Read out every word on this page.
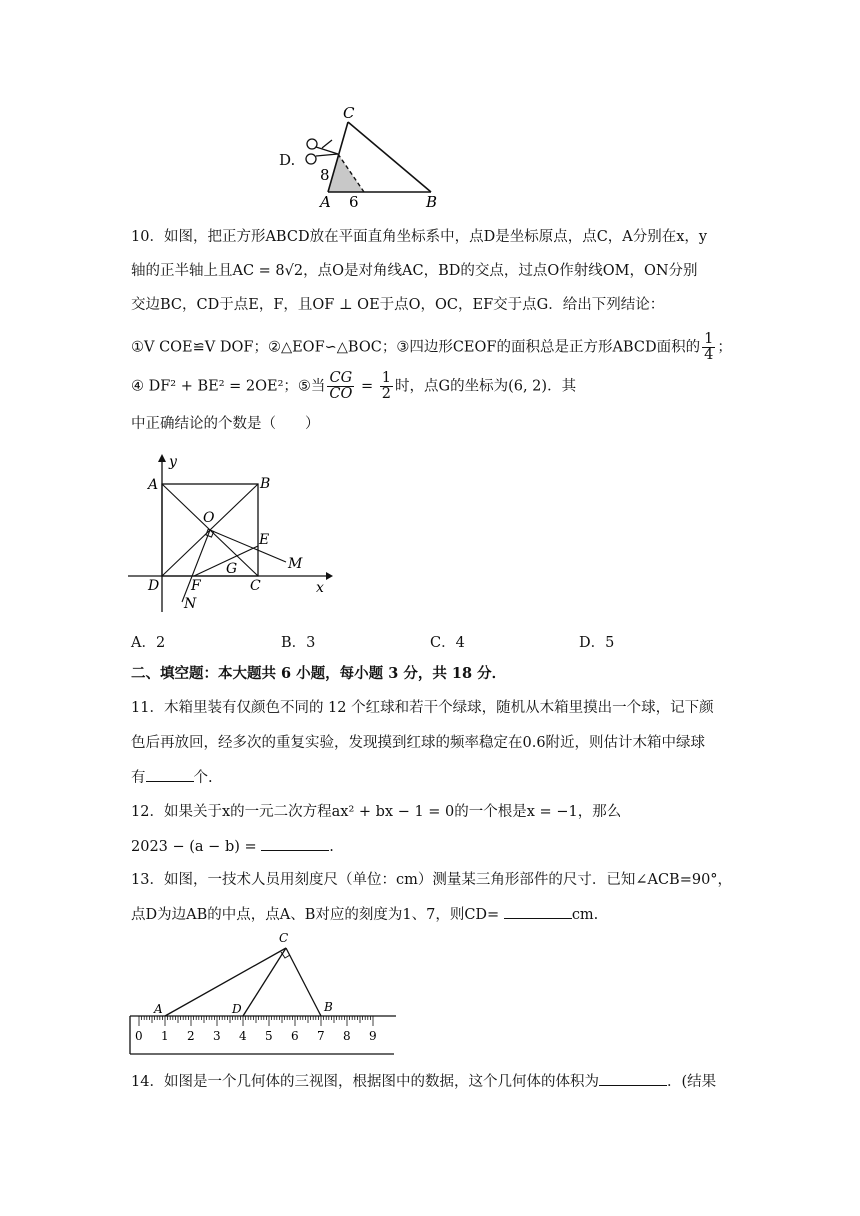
D.
C
A	B
8
6
10．如图，把正方形ABCD放在平面直角坐标系中，点D是坐标原点，点C，A分别在x，y
轴的正半轴上且AC = 8√2，点O是对角线AC，BD的交点，过点O作射线OM，ON分别
交边BC，CD于点E，F，且OF ⊥ OE于点O，OC，EF交于点G．给出下列结论：
①V COE≌V DOF；②△EOF∽△BOC；③四边形CEOF的面积总是正方形ABCD面积的 $\frac{1}{4}$ ；
④ DF² + BE² = 2OE²；⑤当 $\frac{CG}{CO} = \frac{1}{2}$ 时，点G的坐标为(6, 2)．其
中正确结论的个数是（　　）
y
x
A	B
O
E
M
D F
G
C
N
A．2	B．3	C．4	D．5
二、填空题：本大题共 6 小题，每小题 3 分，共 18 分．
11．木箱里装有仅颜色不同的 12 个红球和若干个绿球，随机从木箱里摸出一个球，记下颜
色后再放回，经多次的重复实验，发现摸到红球的频率稳定在0.6附近，则估计木箱中绿球
有	个.
12．如果关于x的一元二次方程ax² + bx − 1 = 0的一个根是x = −1，那么
2023 − (a − b) =	.
13．如图，一技术人员用刻度尺（单位：cm）测量某三角形部件的尺寸．已知∠ACB=90°，
点D为边AB的中点，点A、B对应的刻度为1、7，则CD=	cm.
0 1 2 3 4 5 6 7 8 9
C
A	D	B
14．如图是一个几何体的三视图，根据图中的数据，这个几何体的体积为	．(结果
